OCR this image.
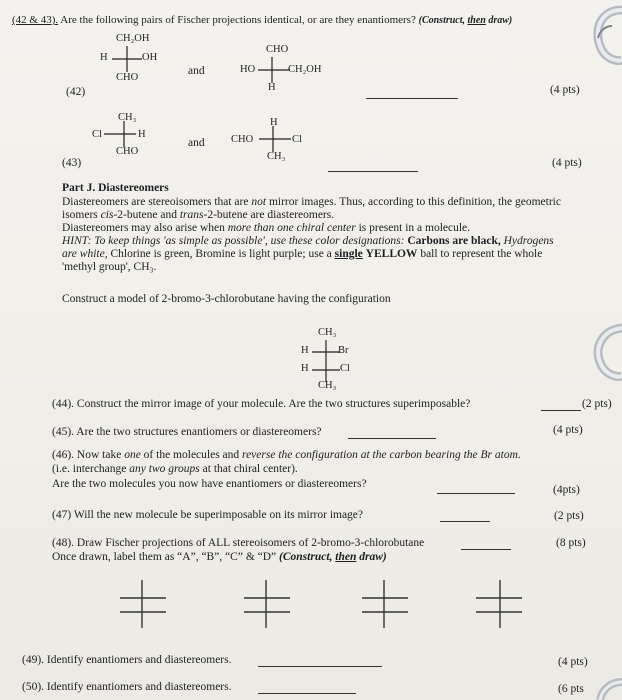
(42 & 43). Are the following pairs of Fischer projections identical, or are they enantiomers? (Construct, then draw)
CH₂OH
H	OH
CHO
and
CHO
HO	CH₂OH
H
(42)	(4 pts)
CH₃
Cl	H
CHO
and
H
CHO	Cl
CH₃
(43)	(4 pts)
Part J. Diastereomers
Diastereomers are stereoisomers that are not mirror images. Thus, according to this definition, the geometric
isomers cis-2-butene and trans-2-butene are diastereomers.
Diastereomers may also arise when more than one chiral center is present in a molecule.
HINT: To keep things 'as simple as possible', use these color designations: Carbons are black, Hydrogens
are white, Chlorine is green, Bromine is light purple; use a single YELLOW ball to represent the whole
'methyl group', CH₃.
Construct a model of 2-bromo-3-chlorobutane having the configuration
CH₃
H	Br
H	Cl
CH₃
(44). Construct the mirror image of your molecule. Are the two structures superimposable?	(2 pts)
(45). Are the two structures enantiomers or diastereomers?	(4 pts)
(46). Now take one of the molecules and reverse the configuration at the carbon bearing the Br atom.
(i.e. interchange any two groups at that chiral center).
Are the two molecules you now have enantiomers or diastereomers?	(4pts)
(47) Will the new molecule be superimposable on its mirror image?	(2 pts)
(48). Draw Fischer projections of ALL stereoisomers of 2-bromo-3-chlorobutane	(8 pts)
Once drawn, label them as “A”, “B”, “C” & “D” (Construct, then draw)
(49). Identify enantiomers and diastereomers.	(4 pts)
(50). Identify enantiomers and diastereomers.	(6 pts
